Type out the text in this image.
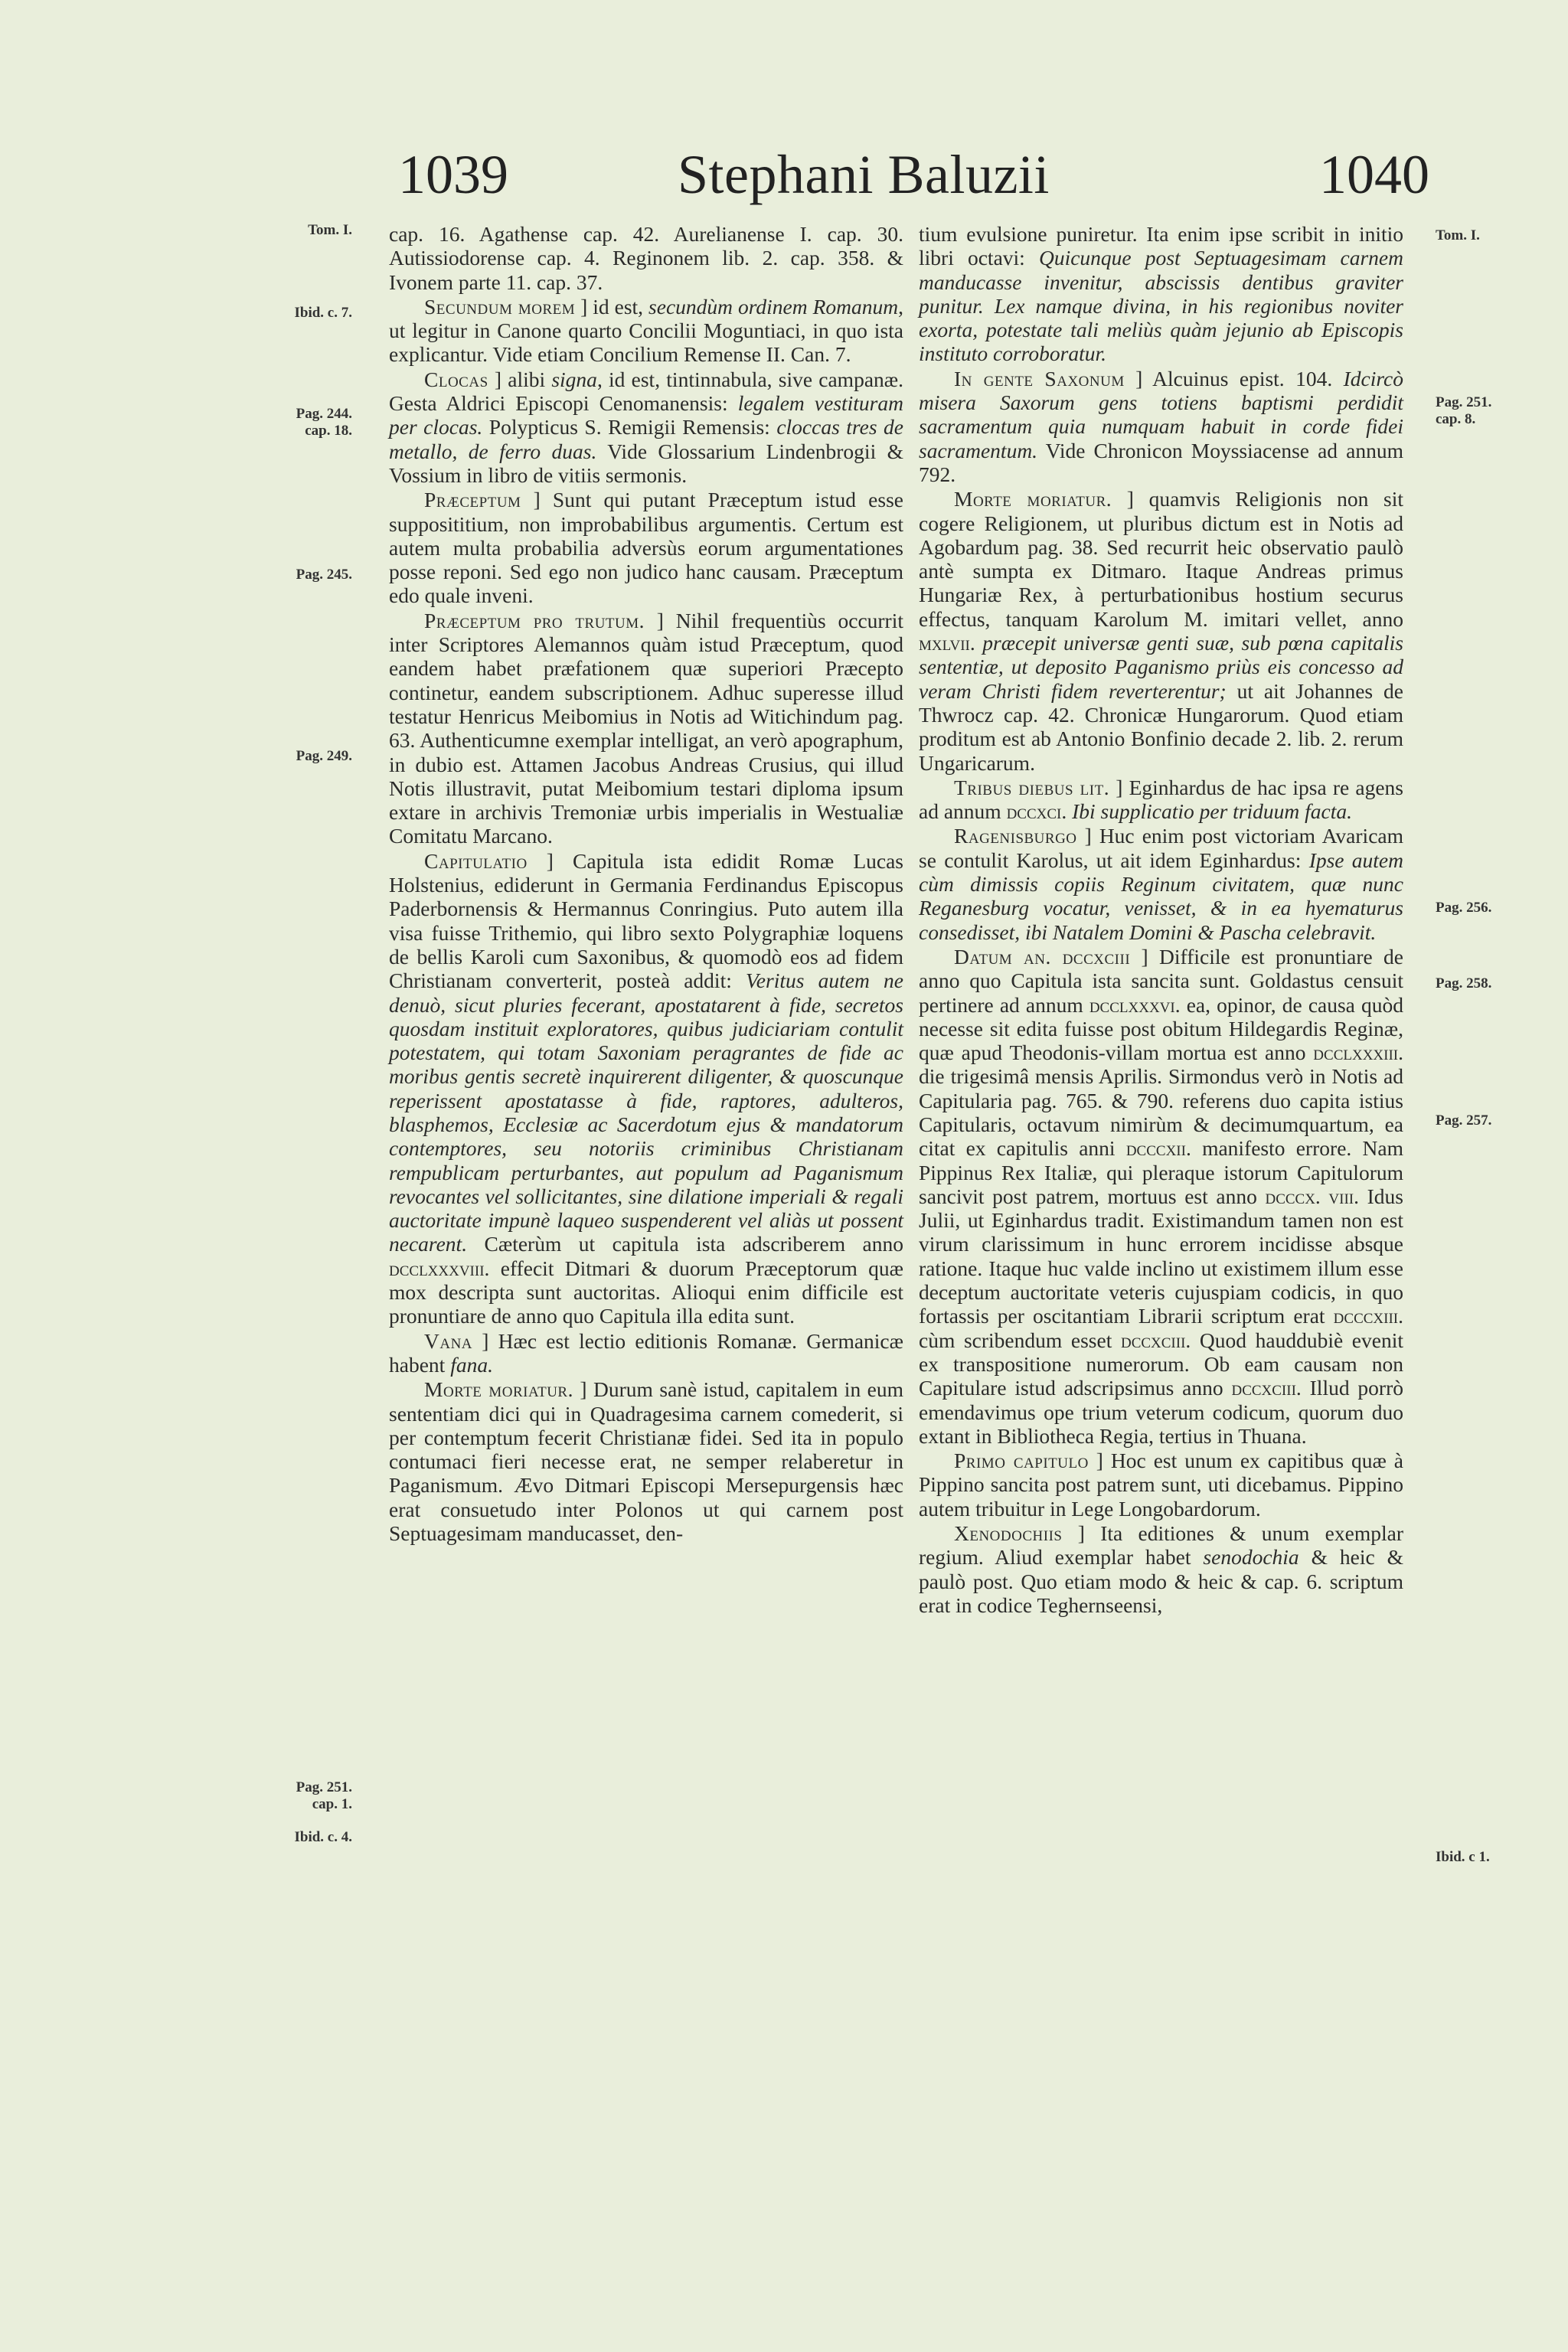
1039	Stephani Baluzii	1040
Tom. I.
Ibid. c. 7.
Pag. 244.
cap. 18.
Pag. 245.
Pag. 249.
Pag. 251.
cap. 1.
Ibid. c. 4.
Tom. I.
Pag. 251.
cap. 8.
Pag. 256.
Pag. 258.
Pag. 257.
Ibid. c 1.

cap. 16. Agathense cap. 42. Aurelianense I. cap. 30. Autissiodorense cap. 4. Reginonem lib. 2. cap. 358. & Ivonem parte 11. cap. 37.

Secundum morem ] id est, secundùm ordinem Romanum, ut legitur in Canone quarto Concilii Moguntiaci, in quo ista explicantur. Vide etiam Concilium Remense II. Can. 7.

Clocas ] alibi signa, id est, tintinnabula, sive campanæ. Gesta Aldrici Episcopi Cenomanensis: legalem vestituram per clocas. Polypticus S. Remigii Remensis: cloccas tres de metallo, de ferro duas. Vide Glossarium Lindenbrogii & Vossium in libro de vitiis sermonis.

Præceptum ] Sunt qui putant Præceptum istud esse supposititium, non improbabilibus argumentis. Certum est autem multa probabilia adversùs eorum argumentationes posse reponi. Sed ego non judico hanc causam. Præceptum edo quale inveni.

Præceptum pro trutum. ] Nihil frequentiùs occurrit inter Scriptores Alemannos quàm istud Præceptum, quod eandem habet præfationem quæ superiori Præcepto continetur, eandem subscriptionem. Adhuc superesse illud testatur Henricus Meibomius in Notis ad Witichindum pag. 63. Authenticumne exemplar intelligat, an verò apographum, in dubio est. Attamen Jacobus Andreas Crusius, qui illud Notis illustravit, putat Meibomium testari diploma ipsum extare in archivis Tremoniæ urbis imperialis in Westualiæ Comitatu Marcano.

Capitulatio ] Capitula ista edidit Romæ Lucas Holstenius, ediderunt in Germania Ferdinandus Episcopus Paderbornensis & Hermannus Conringius. Puto autem illa visa fuisse Trithemio, qui libro sexto Polygraphiæ loquens de bellis Karoli cum Saxonibus, & quomodò eos ad fidem Christianam converterit, posteà addit: Veritus autem ne denuò, sicut pluries fecerant, apostatarent à fide, secretos quosdam instituit exploratores, quibus judiciariam contulit potestatem, qui totam Saxoniam peragrantes de fide ac moribus gentis secretè inquirerent diligenter, & quoscunque reperissent apostatasse à fide, raptores, adulteros, blasphemos, Ecclesiæ ac Sacerdotum ejus & mandatorum contemptores, seu notoriis criminibus Christianam rempublicam perturbantes, aut populum ad Paganismum revocantes vel sollicitantes, sine dilatione imperiali & regali auctoritate impunè laqueo suspenderent vel aliàs ut possent necarent. Cæterùm ut capitula ista adscriberem anno dcclxxxviii. effecit Ditmari & duorum Præceptorum quæ mox descripta sunt auctoritas. Alioqui enim difficile est pronuntiare de anno quo Capitula illa edita sunt.

Vana ] Hæc est lectio editionis Romanæ. Germanicæ habent fana.

Morte moriatur. ] Durum sanè istud, capitalem in eum sententiam dici qui in Quadragesima carnem comederit, si per contemptum fecerit Christianæ fidei. Sed ita in populo contumaci fieri necesse erat, ne semper relaberetur in Paganismum. Ævo Ditmari Episcopi Mersepurgensis hæc erat consuetudo inter Polonos ut qui carnem post Septuagesimam manducasset, den-

tium evulsione puniretur. Ita enim ipse scribit in initio libri octavi: Quicunque post Septuagesimam carnem manducasse invenitur, abscissis dentibus graviter punitur. Lex namque divina, in his regionibus noviter exorta, potestate tali meliùs quàm jejunio ab Episcopis instituto corroboratur.

In gente Saxonum ] Alcuinus epist. 104. Idcircò misera Saxorum gens totiens baptismi perdidit sacramentum quia numquam habuit in corde fidei sacramentum. Vide Chronicon Moyssiacense ad annum 792.

Morte moriatur. ] quamvis Religionis non sit cogere Religionem, ut pluribus dictum est in Notis ad Agobardum pag. 38. Sed recurrit heic observatio paulò antè sumpta ex Ditmaro. Itaque Andreas primus Hungariæ Rex, à perturbationibus hostium securus effectus, tanquam Karolum M. imitari vellet, anno mxlvii. præcepit universæ genti suæ, sub pœna capitalis sententiæ, ut deposito Paganismo priùs eis concesso ad veram Christi fidem reverterentur; ut ait Johannes de Thwrocz cap. 42. Chronicæ Hungarorum. Quod etiam proditum est ab Antonio Bonfinio decade 2. lib. 2. rerum Ungaricarum.

Tribus diebus lit. ] Eginhardus de hac ipsa re agens ad annum dccxci. Ibi supplicatio per triduum facta.

Ragenisburgo ] Huc enim post victoriam Avaricam se contulit Karolus, ut ait idem Eginhardus: Ipse autem cùm dimissis copiis Reginum civitatem, quæ nunc Reganesburg vocatur, venisset, & in ea hyematurus consedisset, ibi Natalem Domini & Pascha celebravit.

Datum an. dccxciii ] Difficile est pronuntiare de anno quo Capitula ista sancita sunt. Goldastus censuit pertinere ad annum dcclxxxvi. ea, opinor, de causa quòd necesse sit edita fuisse post obitum Hildegardis Reginæ, quæ apud Theodonis-villam mortua est anno dcclxxxiii. die trigesimâ mensis Aprilis. Sirmondus verò in Notis ad Capitularia pag. 765. & 790. referens duo capita istius Capitularis, octavum nimirùm & decimumquartum, ea citat ex capitulis anni dcccxii. manifesto errore. Nam Pippinus Rex Italiæ, qui pleraque istorum Capitulorum sancivit post patrem, mortuus est anno dcccx. viii. Idus Julii, ut Eginhardus tradit. Existimandum tamen non est virum clarissimum in hunc errorem incidisse absque ratione. Itaque huc valde inclino ut existimem illum esse deceptum auctoritate veteris cujuspiam codicis, in quo fortassis per oscitantiam Librarii scriptum erat dcccxiii. cùm scribendum esset dccxciii. Quod hauddubiè evenit ex transpositione numerorum. Ob eam causam non Capitulare istud adscripsimus anno dccxciii. Illud porrò emendavimus ope trium veterum codicum, quorum duo extant in Bibliotheca Regia, tertius in Thuana.

Primo capitulo ] Hoc est unum ex capitibus quæ à Pippino sancita post patrem sunt, uti dicebamus. Pippino autem tribuitur in Lege Longobardorum.

Xenodochiis ] Ita editiones & unum exemplar regium. Aliud exemplar habet senodochia & heic & paulò post. Quo etiam modo & heic & cap. 6. scriptum erat in codice Teghernseensi,
